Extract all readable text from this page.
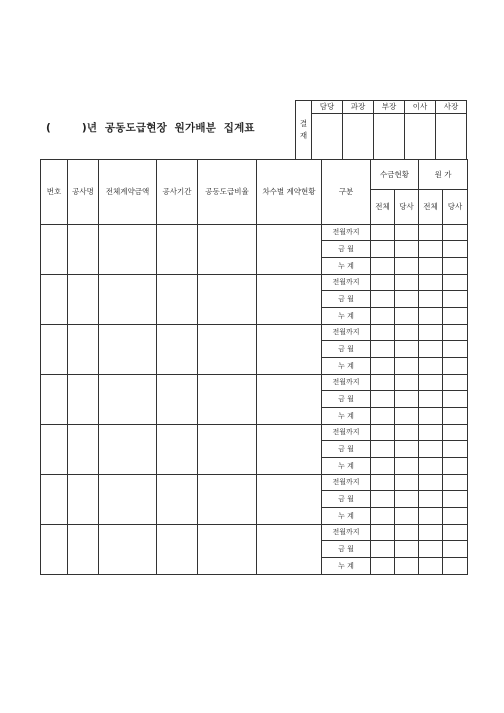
(        )년  공동도급현장  원가배분  집계표	결
재	담당	과장	부장	이사	사장

번호	공사명	전체계약금액	공사기간	공동도급비율	차수별 계약현황	구분	수금현황		원 가	
							전체	당사	전체	당사
						전월까지				
						금 월				
						누 계				
						전월까지				
						금 월				
						누 계				
						전월까지				
						금 월				
						누 계				
						전월까지				
						금 월				
						누 계				
						전월까지				
						금 월				
						누 계				
						전월까지				
						금 월				
						누 계				
						전월까지				
						금 월				
						누 계				
